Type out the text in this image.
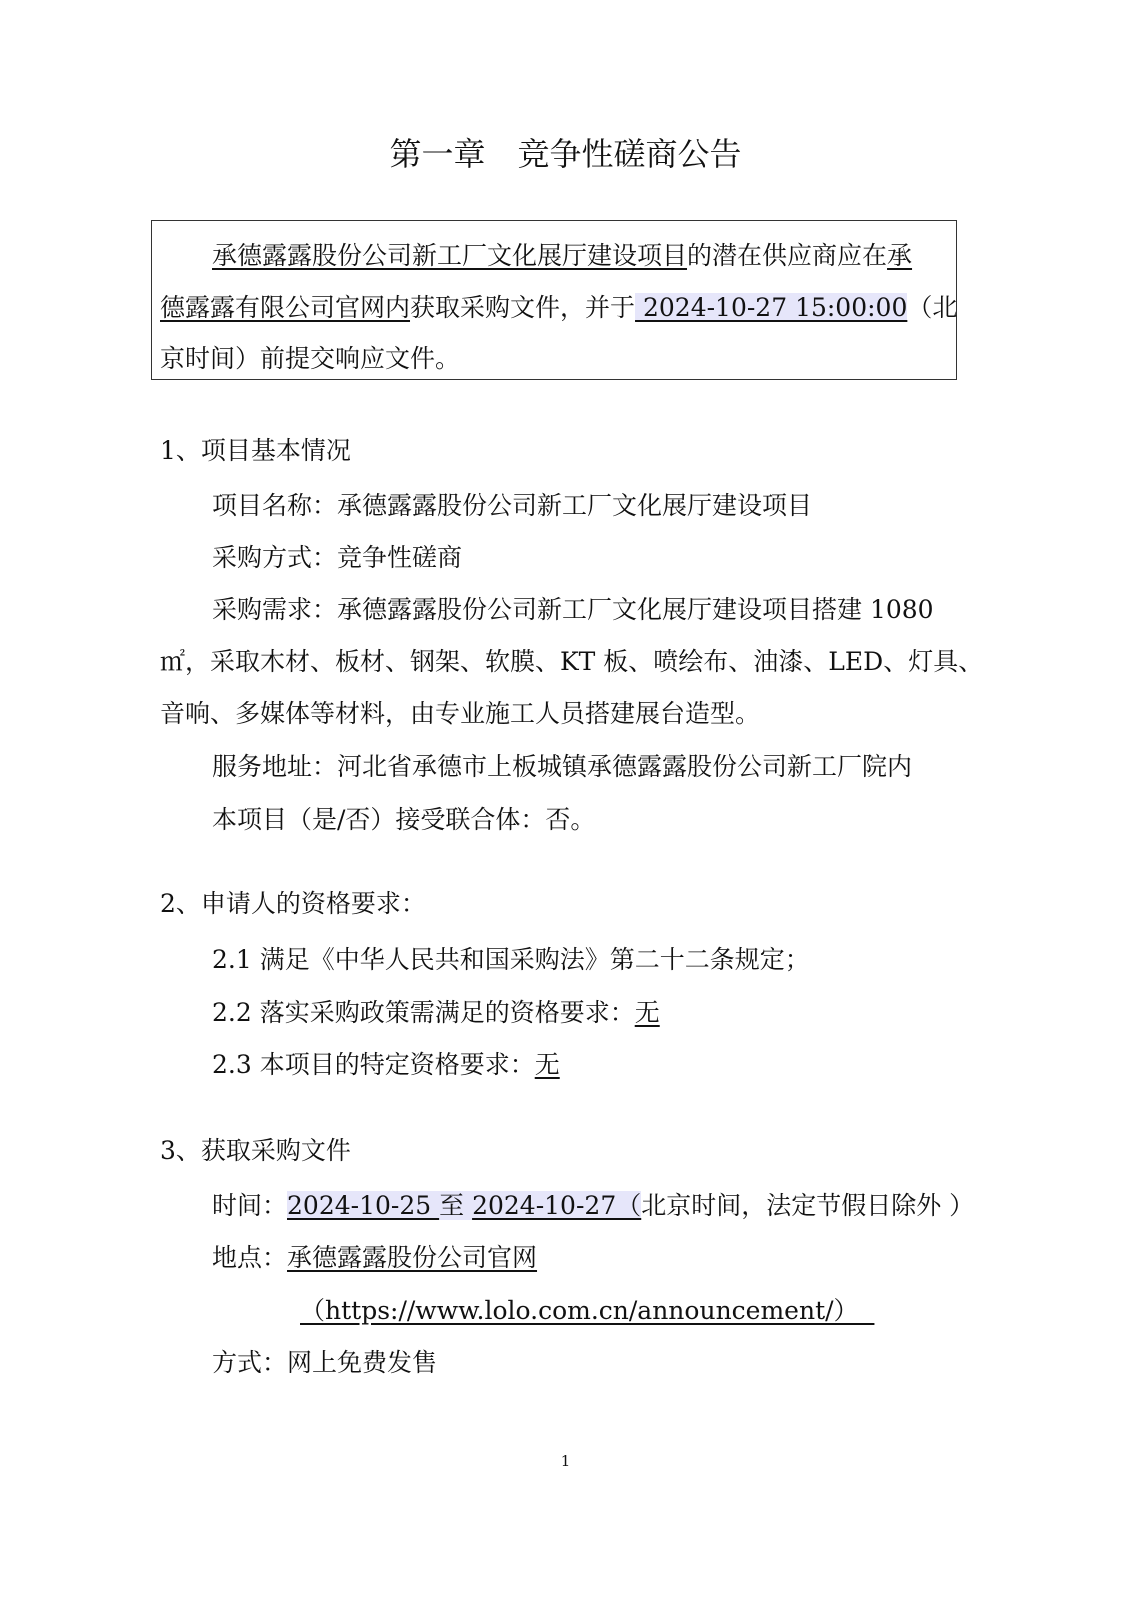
第一章　竞争性磋商公告
承德露露股份公司新工厂文化展厅建设项目的潜在供应商应在承
德露露有限公司官网内获取采购文件，并于 2024-10-27 15:00:00（北
京时间）前提交响应文件。
1、项目基本情况
项目名称：承德露露股份公司新工厂文化展厅建设项目
采购方式：竞争性磋商
采购需求：承德露露股份公司新工厂文化展厅建设项目搭建 1080
㎡，采取木材、板材、钢架、软膜、KT 板、喷绘布、油漆、LED、灯具、
音响、多媒体等材料，由专业施工人员搭建展台造型。
服务地址：河北省承德市上板城镇承德露露股份公司新工厂院内
本项目（是/否）接受联合体：否。
2、申请人的资格要求：
2.1 满足《中华人民共和国采购法》第二十二条规定；
2.2 落实采购政策需满足的资格要求：无
2.3 本项目的特定资格要求：无
3、获取采购文件
时间：2024-10-25 至 2024-10-27（北京时间，法定节假日除外 ）
地点：承德露露股份公司官网
（https://www.lolo.com.cn/announcement/）
方式：网上免费发售
1
